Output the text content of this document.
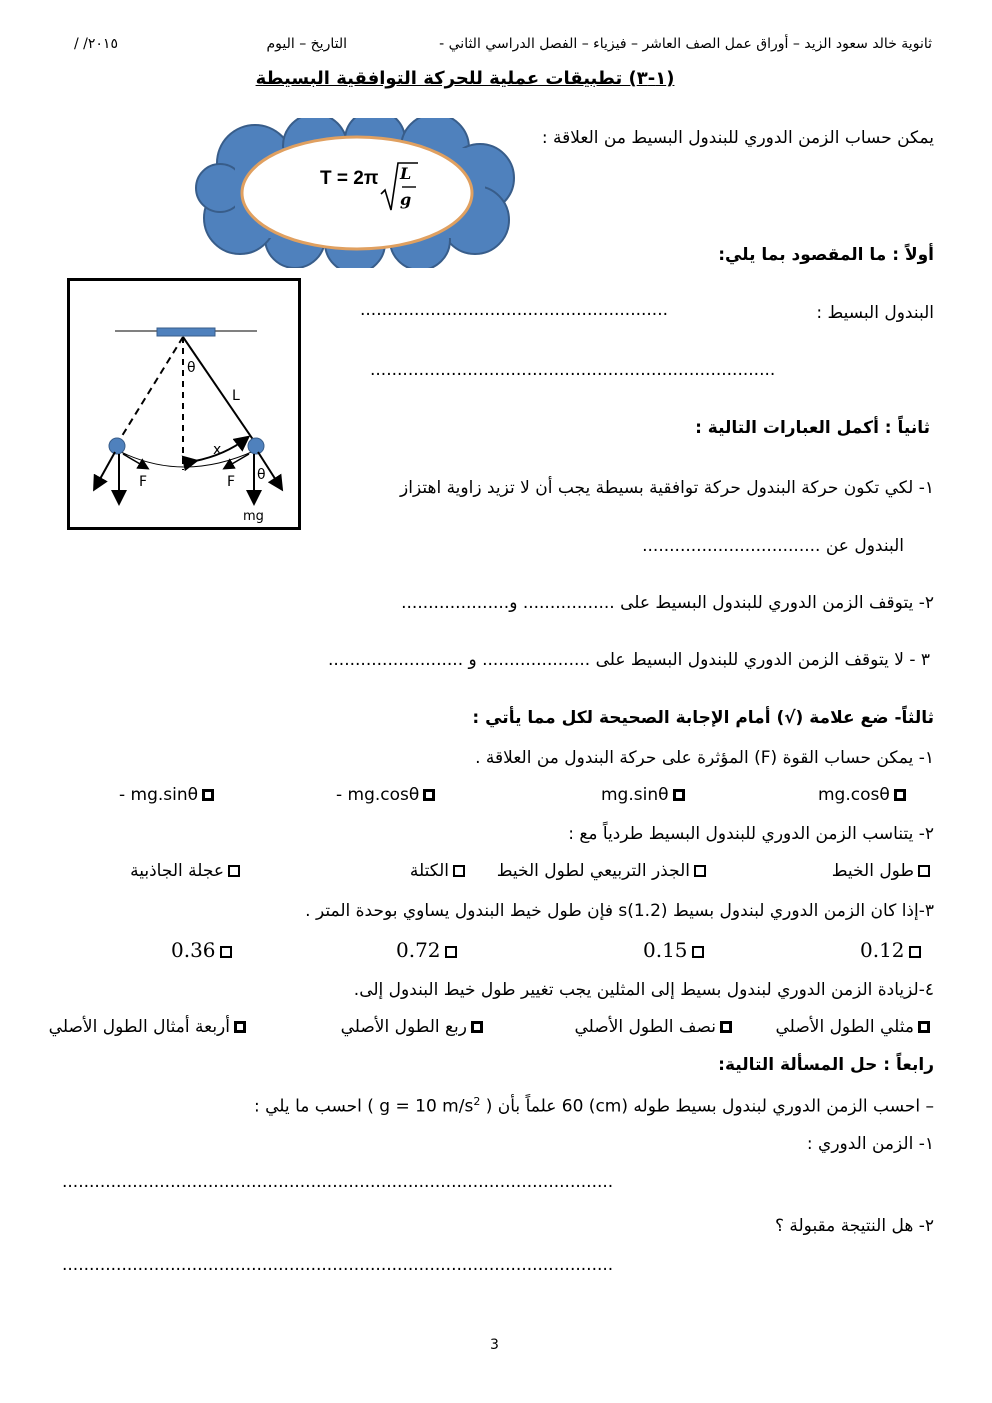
ثانوية خالد سعود الزيد – أوراق عمل الصف العاشر – فيزياء – الفصل الدراسي الثاني -
التاريخ – اليوم
/ /٢٠١٥
(١-٣) تطبيقات عملية للحركة التوافقية البسيطة
يمكن حساب الزمن الدوري للبندول البسيط من العلاقة :
T = 2π L
g
أولاً : ما المقصود بما يلي:
البندول البسيط :
.........................................................
...........................................................................
θ
L
x
F	F θ
mg
ثانياً : أكمل العبارات التالية :
١- لكي تكون حركة البندول حركة توافقية بسيطة يجب أن لا تزيد زاوية اهتزاز
البندول عن .................................
٢- يتوقف الزمن الدوري للبندول البسيط على ................. و....................
٣ - لا يتوقف الزمن الدوري للبندول البسيط على .................... و .........................
ثالثاً- ضع علامة (√) أمام الإجابة الصحيحة لكل مما يأتي :
١- يمكن حساب القوة (F) المؤثرة على حركة البندول من العلاقة .
mg.cosθ
mg.sinθ
- mg.cosθ
- mg.sinθ
٢- يتناسب الزمن الدوري للبندول البسيط طردياً مع :
طول الخيط
الجذر التربيعي لطول الخيط
الكتلة
عجلة الجاذبية
٣-إذا كان الزمن الدوري لبندول بسيط s(1.2) فإن طول خيط البندول يساوي بوحدة المتر .
0.12
0.15
0.72
0.36
٤-لزيادة الزمن الدوري لبندول بسيط إلى المثلين يجب تغيير طول خيط البندول إلى.
مثلي الطول الأصلي
نصف الطول الأصلي
ربع الطول الأصلي
أربعة أمثال الطول الأصلي
رابعاً : حل المسألة التالية:
– احسب الزمن الدوري لبندول بسيط طوله (cm) 60 علماً بأن ( g = 10 $m/s^2$ ) احسب ما يلي :
١- الزمن الدوري :
......................................................................................................
٢- هل النتيجة مقبولة ؟
......................................................................................................
3
